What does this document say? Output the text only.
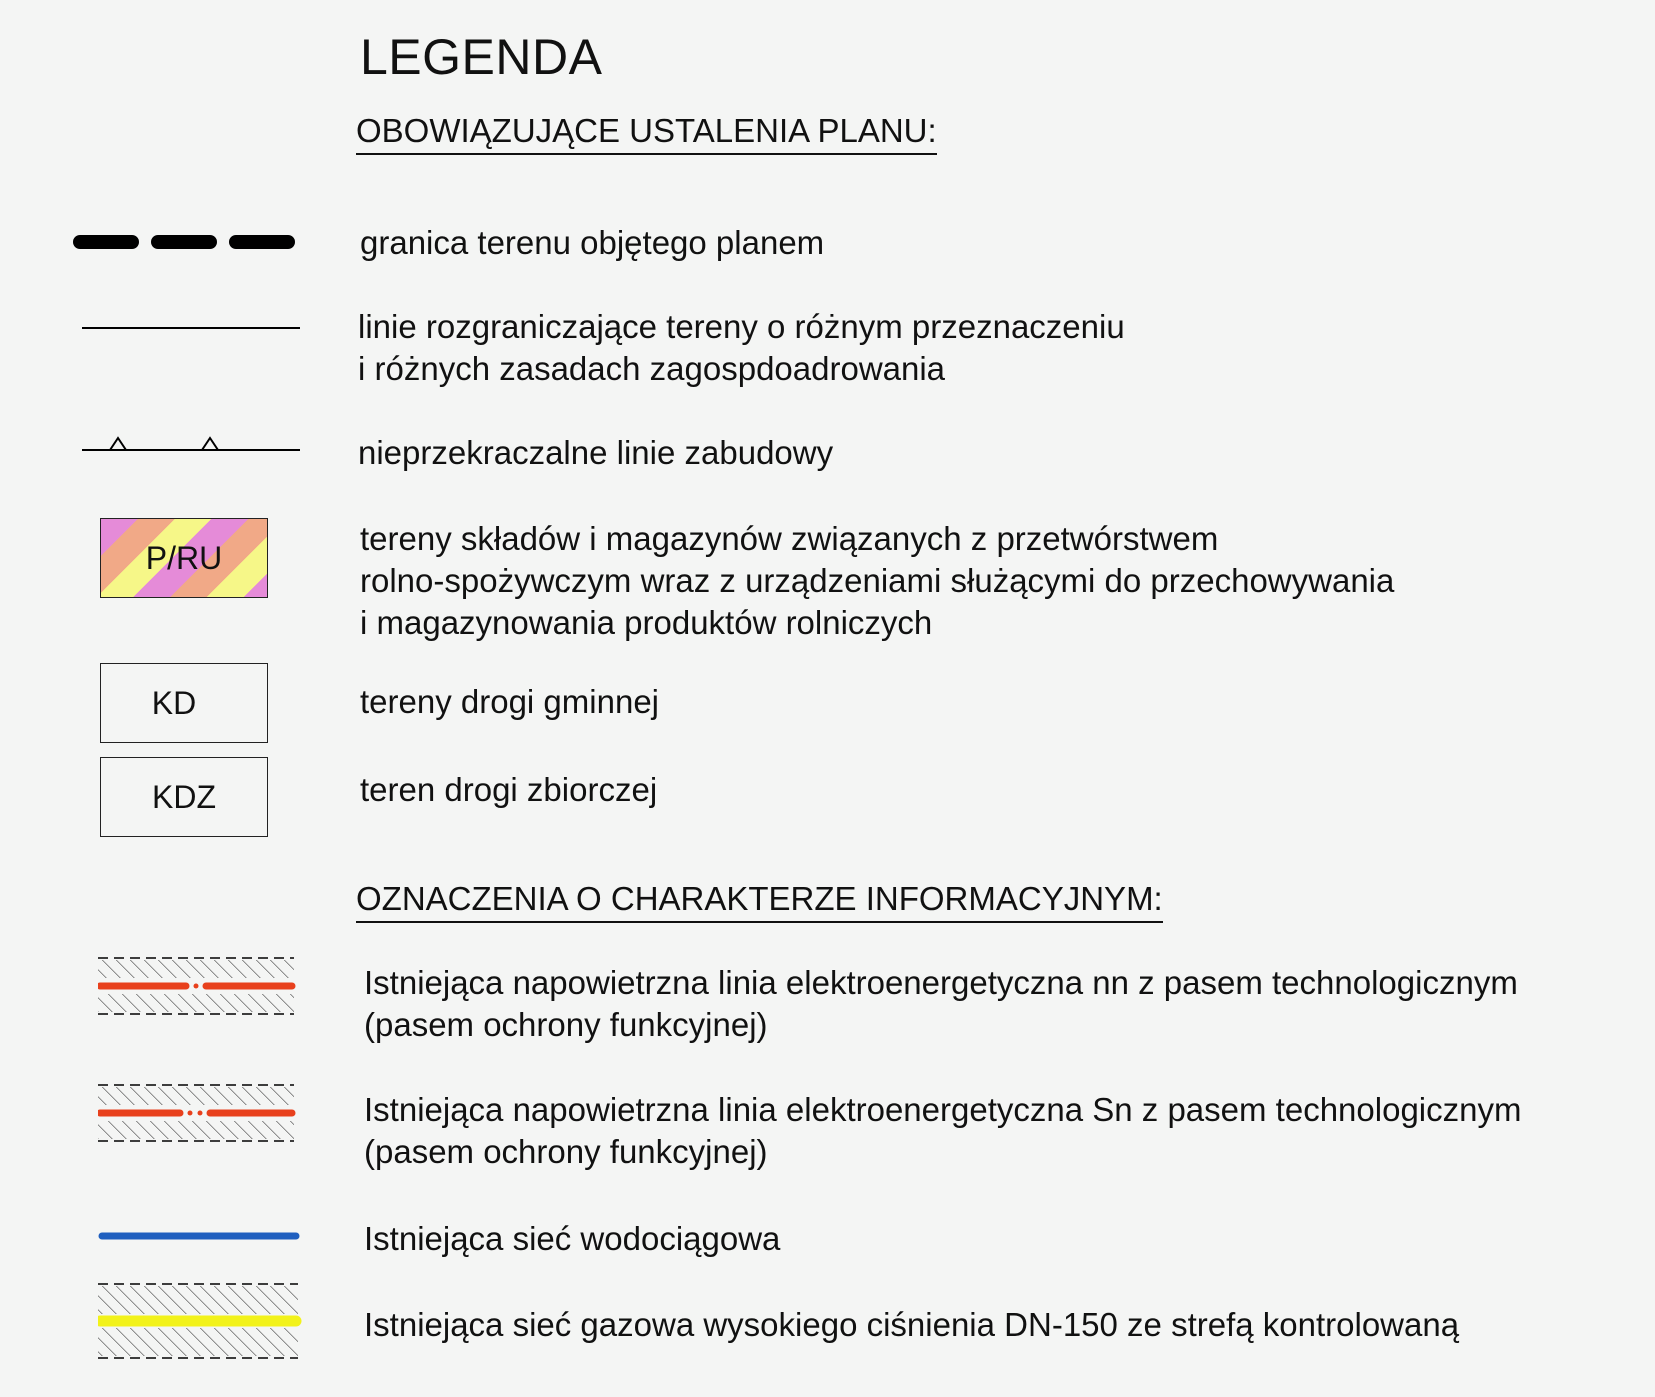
LEGENDA
OBOWIĄZUJĄCE USTALENIA PLANU:
granica terenu objętego planem
linie rozgraniczające tereny o różnym przeznaczeniu
i różnych zasadach zagospdoadrowania
nieprzekraczalne linie zabudowy
P/RU
tereny składów i magazynów związanych z przetwórstwem
rolno-spożywczym wraz z urządzeniami służącymi do przechowywania
i magazynowania produktów rolniczych
KD	tereny drogi gminnej
KDZ	teren drogi zbiorczej
OZNACZENIA O CHARAKTERZE INFORMACYJNYM:
Istniejąca napowietrzna linia elektroenergetyczna nn z pasem technologicznym
(pasem ochrony funkcyjnej)
Istniejąca napowietrzna linia elektroenergetyczna Sn z pasem technologicznym
(pasem ochrony funkcyjnej)
Istniejąca sieć wodociągowa
Istniejąca sieć gazowa wysokiego ciśnienia DN-150 ze strefą kontrolowaną
